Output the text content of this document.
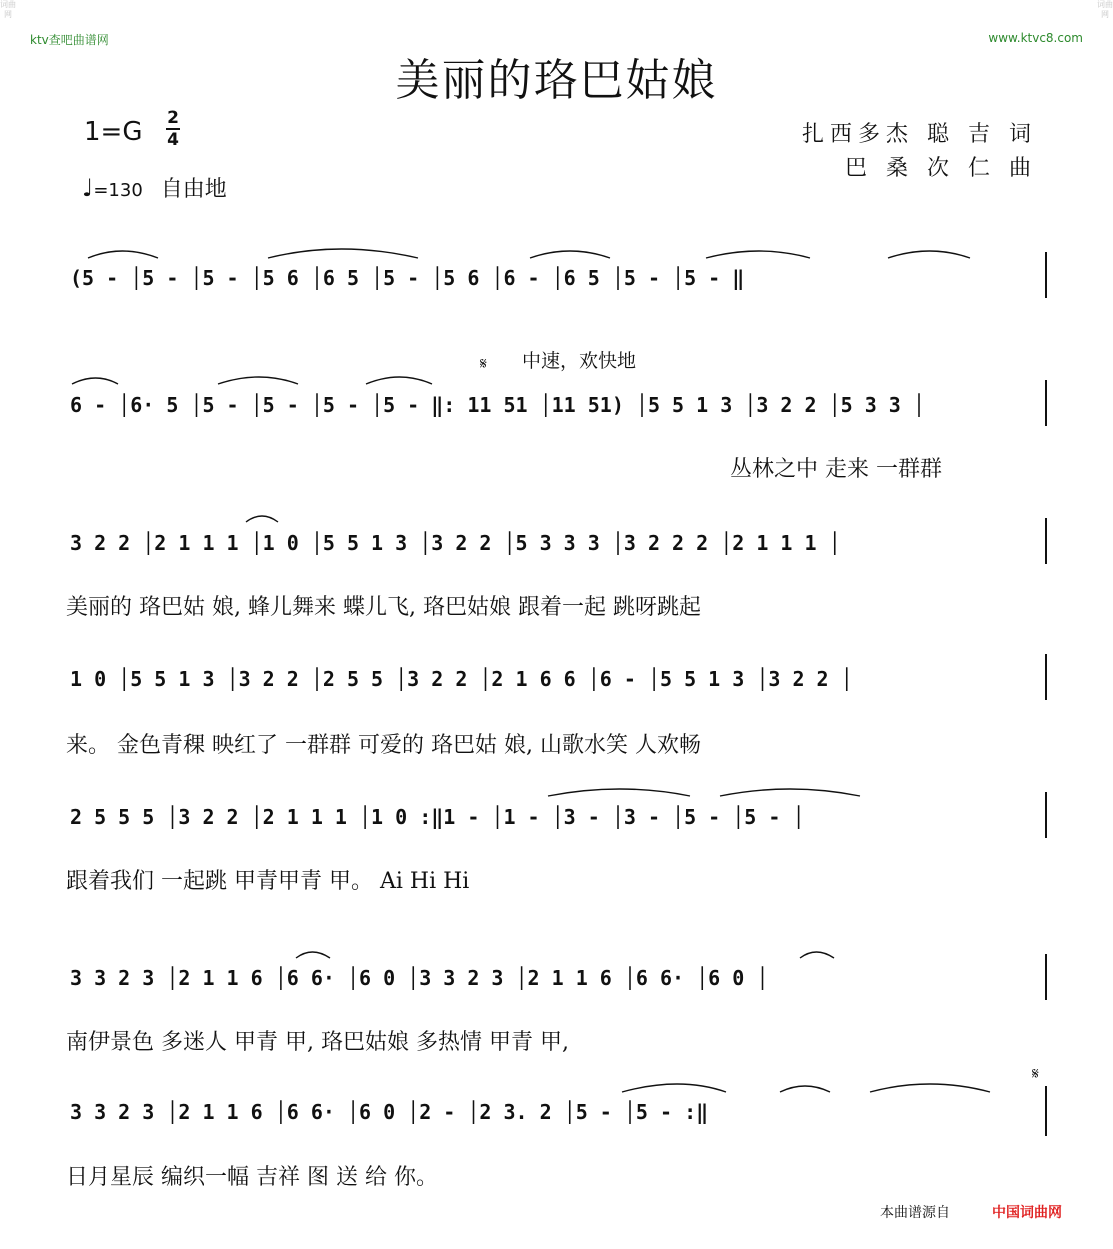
词曲网
词曲网
ktv查吧曲谱网	www.ktvc8.com
美丽的珞巴姑娘
1=G 2
4
♩=130 自由地
扎西多杰 聪 吉 词
巴 桑 次 仁 曲
中速，欢快地
𝄋
𝄋
(5 - │5 - │5 - │5 6 │6 5 │5 - │5 6 │6 - │6 5 │5 - │5 - ‖
6 - │6· 5 │5 - │5 - │5 - │5 - ‖: 11 51 │11 51) │5 5 1 3 │3 2 2 │5 3 3 │
3 2 2 │2 1 1 1 │1 0 │5 5 1 3 │3 2 2 │5 3 3 3 │3 2 2 2 │2 1 1 1 │
1 0 │5 5 1 3 │3 2 2 │2 5 5 │3 2 2 │2 1 6 6 │6 - │5 5 1 3 │3 2 2 │
2 5 5 5 │3 2 2 │2 1 1 1 │1 0 :‖1 - │1 - │3 - │3 - │5 - │5 - │
3 3 2 3 │2 1 1 6 │6 6· │6 0 │3 3 2 3 │2 1 1 6 │6 6· │6 0 │
3 3 2 3 │2 1 1 6 │6 6· │6 0 │2 - │2 3. 2 │5 - │5 - :‖
丛林之中 走来 一群群
美丽的 珞巴姑 娘, 蜂儿舞来 蝶儿飞, 珞巴姑娘 跟着一起 跳呀跳起
来。 金色青稞 映红了 一群群 可爱的 珞巴姑 娘, 山歌水笑 人欢畅
跟着我们 一起跳 甲青甲青 甲。 Ai Hi Hi
南伊景色 多迷人 甲青 甲, 珞巴姑娘 多热情 甲青 甲,
日月星辰 编织一幅 吉祥 图 送 给 你。
本曲谱源自	中国词曲网
